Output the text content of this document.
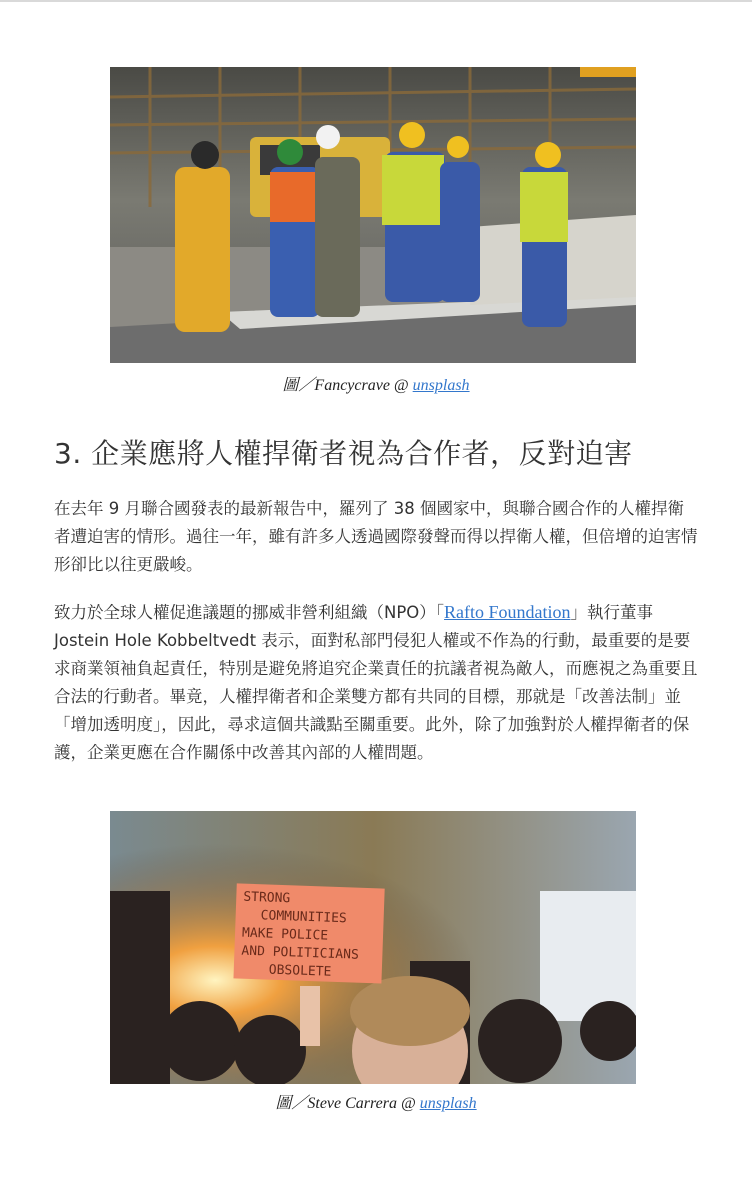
圖／Fancycrave @ unsplash
3. 企業應將人權捍衛者視為合作者，反對迫害

在去年 9 月聯合國發表的最新報告中，羅列了 38 個國家中，與聯合國合作的人權捍衛者遭迫害的情形。過往一年，雖有許多人透過國際發聲而得以捍衛人權，但倍增的迫害情形卻比以往更嚴峻。

致力於全球人權促進議題的挪威非營利組織（NPO）「Rafto Foundation」執行董事 Jostein Hole Kobbeltvedt 表示，面對私部門侵犯人權或不作為的行動，最重要的是要求商業領袖負起責任，特別是避免將追究企業責任的抗議者視為敵人，而應視之為重要且合法的行動者。畢竟，人權捍衛者和企業雙方都有共同的目標，那就是「改善法制」並「增加透明度」，因此，尋求這個共識點至關重要。此外，除了加強對於人權捍衛者的保護，企業更應在合作關係中改善其內部的人權問題。

STRONG
COMMUNITIES
MAKE POLICE
AND POLITICIANS
OBSOLETE
圖／Steve Carrera @ unsplash
